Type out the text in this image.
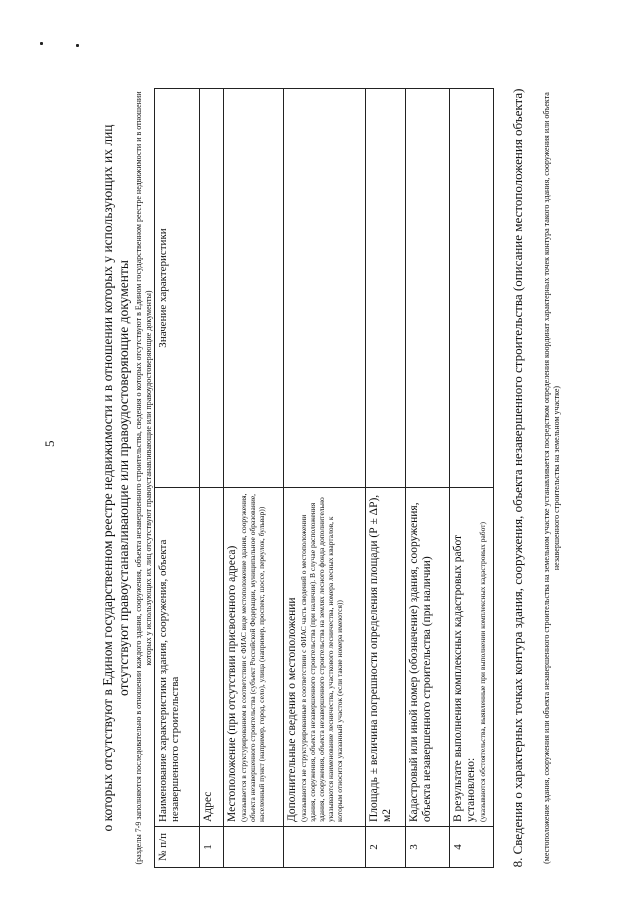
5	о которых отсутствуют в Едином государственном реестре недвижимости и в отношении которых у использующих их лиц отсутствуют правоустанавливающие или правоудостоверяющие документы (разделы 7-9 заполняются последовательно в отношении каждого здания, сооружения, объекта незавершенного строительства, сведения о которых отсутствуют в Едином государственном реестре недвижимости и в отношении которых у использующих их лиц отсутствуют правоустанавливающие или правоудостоверяющие документы)
№ п/п	Наименование характеристики здания, сооружения, объекта незавершенного строительства	Значение характеристики
1	Адрес	
	Местоположение (при отсутствии присвоенного адреса) (указывается в структурированном в соответствии с ФИАС виде местоположение здания, сооружения, объекта незавершенного строительства (субъект Российской Федерации, муниципальное образование, населенный пункт (например, город, село), улица (например, проспект, шоссе, переулок, бульвар))	

	Дополнительные сведения о местоположении (указываются не структурированные в соответствии с ФИАС часть сведений о местоположении здания, сооружения, объекта незавершенного строительства (при наличии). В случае расположения здания, сооружения, объекта незавершенного строительства на землях лесного фонда дополнительно указываются наименование лесничества, участкового лесничества, номера лесных кварталов, к которым относится указанный участок (если такие номера имеются))	

2	Площадь ± величина погрешности определения площади (Р ± ΔР), м2	
3	Кадастровый или иной номер (обозначение) здания, сооружения, объекта незавершенного строительства (при наличии)	
4	В результате выполнения комплексных кадастровых работ установлено: (указываются обстоятельства, выявленные при выполнении комплексных кадастровых работ)	
	8. Сведения о характерных точках контура здания, сооружения, объекта незавершенного строительства (описание местоположения объекта) (местоположение здания, сооружения или объекта незавершенного строительства на земельном участке устанавливается посредством определения координат характерных точек контура такого здания, сооружения или объекта незавершенного строительства на земельном участке)
